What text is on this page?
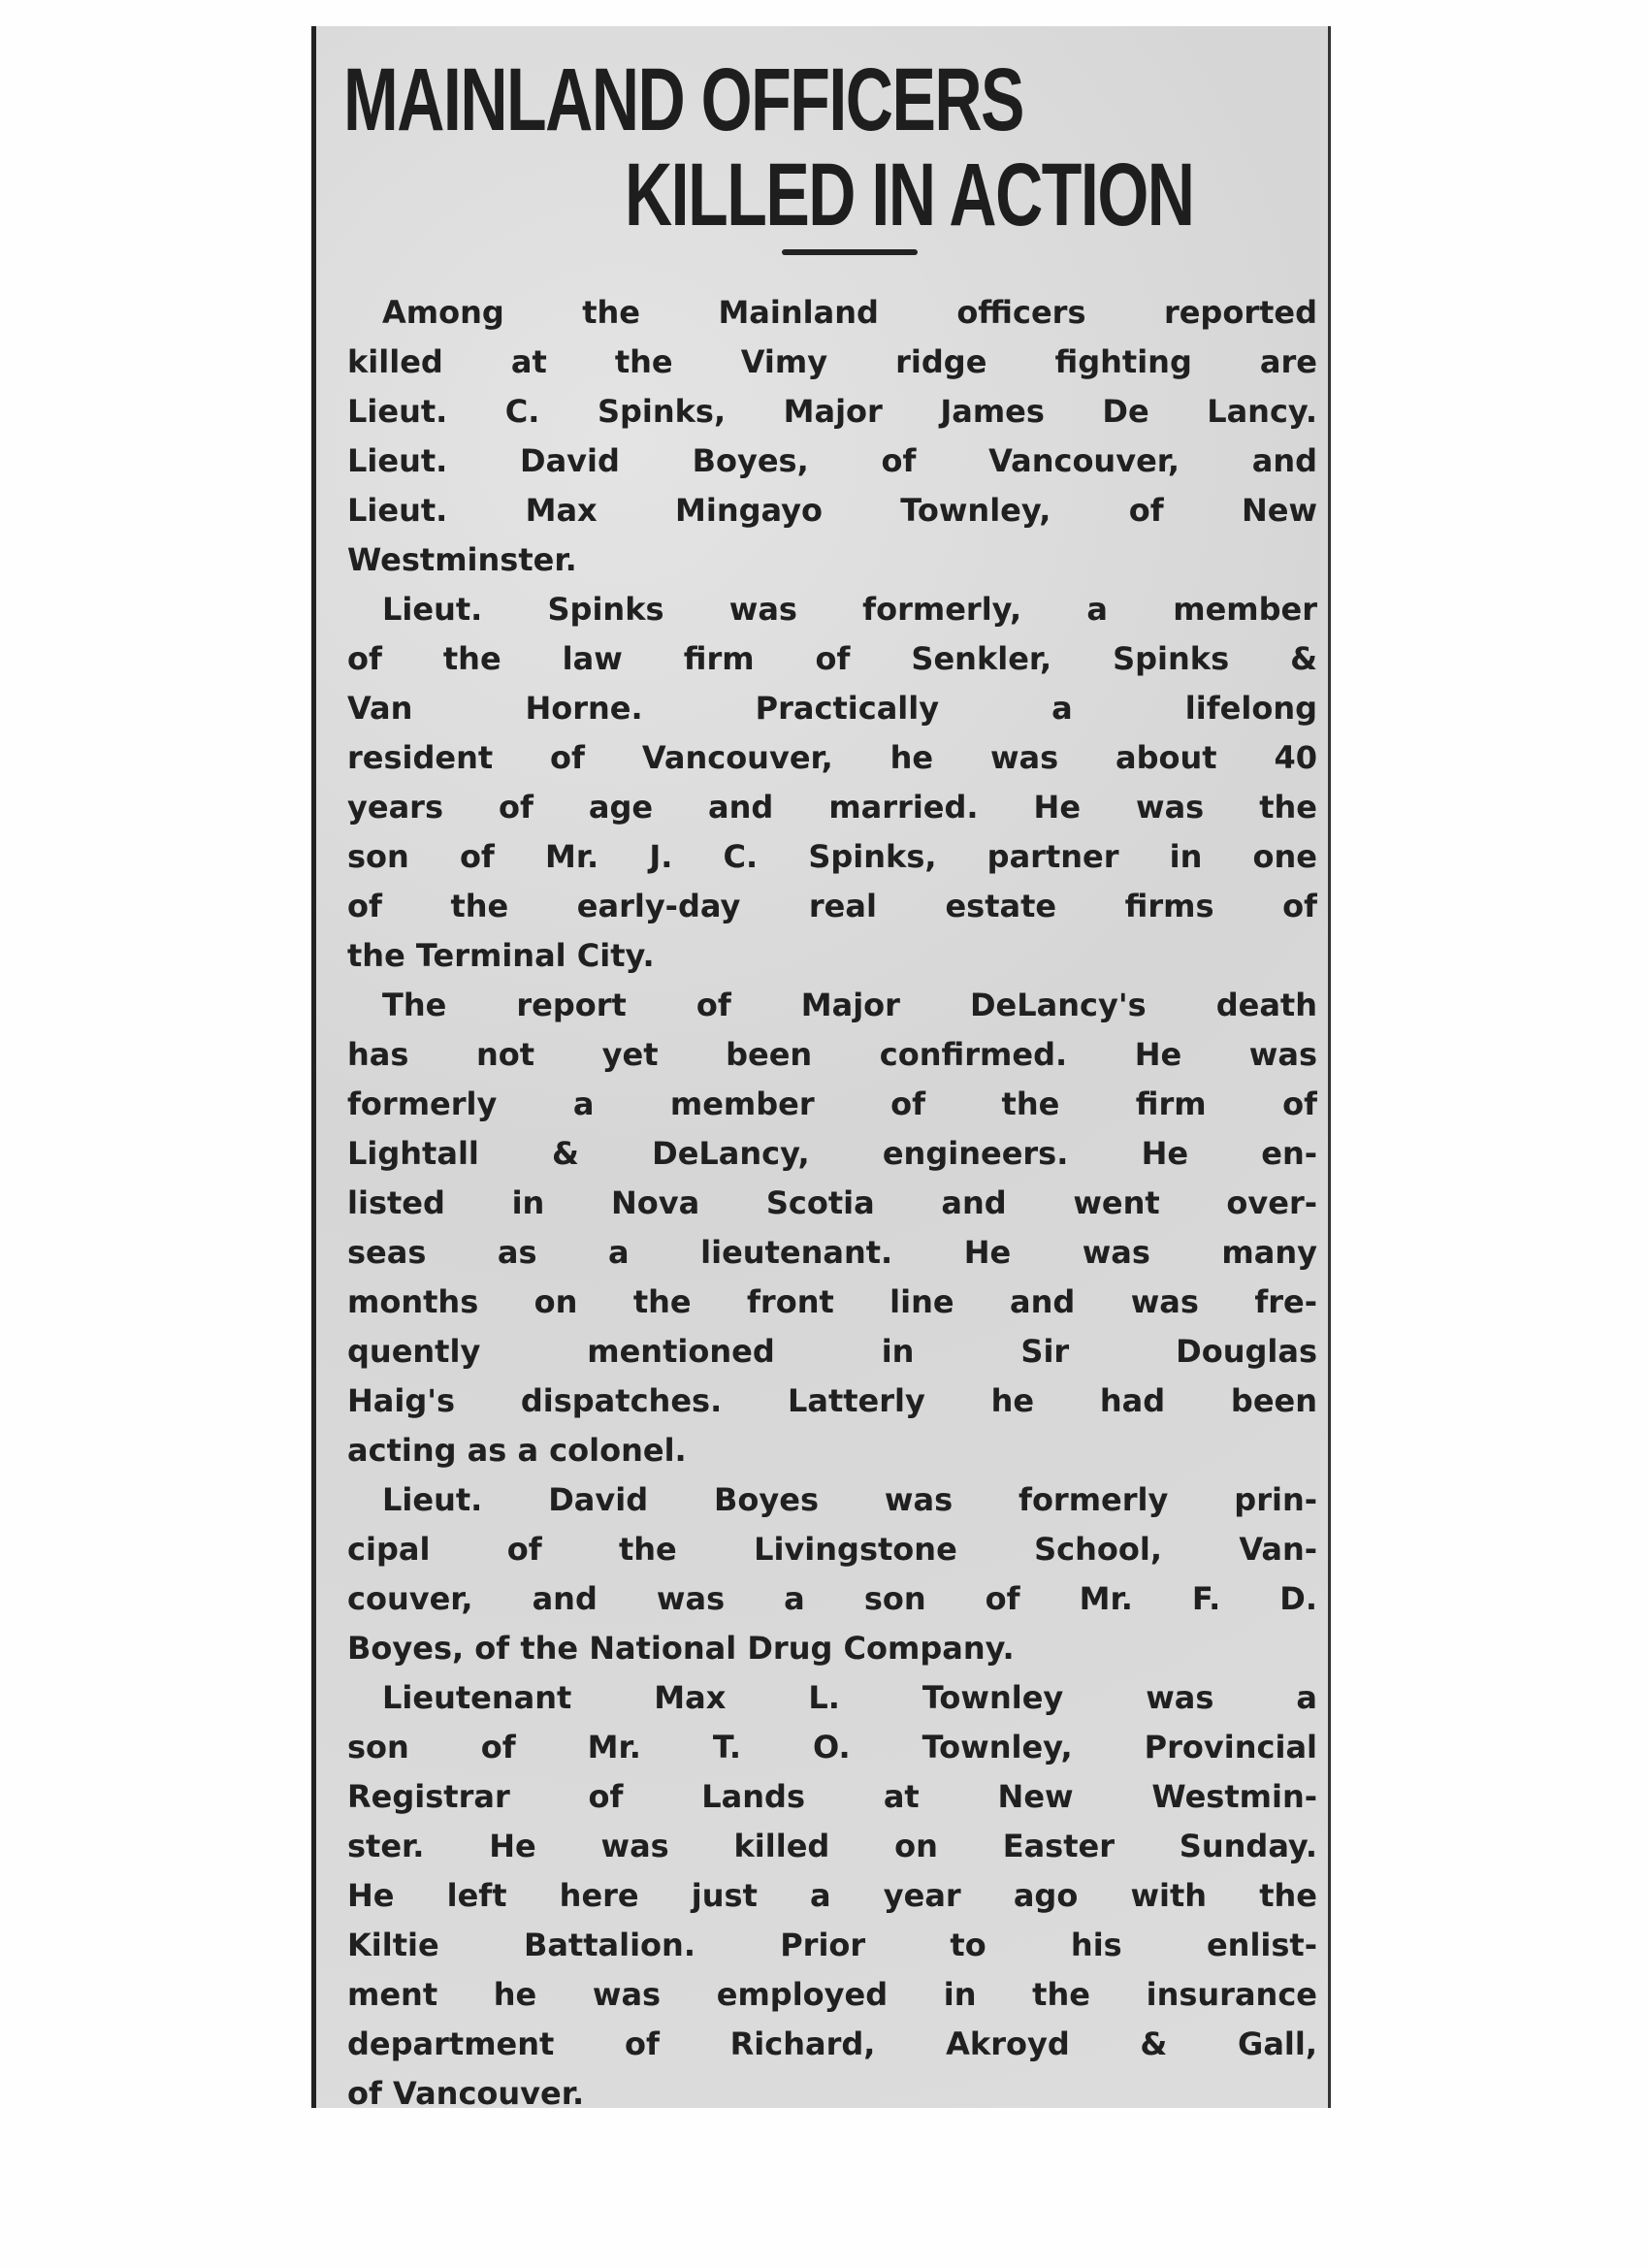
MAINLAND OFFICERS
KILLED IN ACTION
Among the Mainland officers reported
killed at the Vimy ridge fighting are
Lieut. C. Spinks, Major James De Lancy.
Lieut. David Boyes, of Vancouver, and
Lieut. Max Mingayo Townley, of New
Westminster.
Lieut. Spinks was formerly, a member
of the law firm of Senkler, Spinks &
Van Horne. Practically a lifelong
resident of Vancouver, he was about 40
years of age and married. He was the
son of Mr. J. C. Spinks, partner in one
of the early-day real estate firms of
the Terminal City.
The report of Major DeLancy's death
has not yet been confirmed. He was
formerly a member of the firm of
Lightall & DeLancy, engineers. He en-
listed in Nova Scotia and went over-
seas as a lieutenant. He was many
months on the front line and was fre-
quently mentioned in Sir Douglas
Haig's dispatches. Latterly he had been
acting as a colonel.
Lieut. David Boyes was formerly prin-
cipal of the Livingstone School, Van-
couver, and was a son of Mr. F. D.
Boyes, of the National Drug Company.
Lieutenant Max L. Townley was a
son of Mr. T. O. Townley, Provincial
Registrar of Lands at New Westmin-
ster. He was killed on Easter Sunday.
He left here just a year ago with the
Kiltie Battalion. Prior to his enlist-
ment he was employed in the insurance
department of Richard, Akroyd & Gall,
of Vancouver.
